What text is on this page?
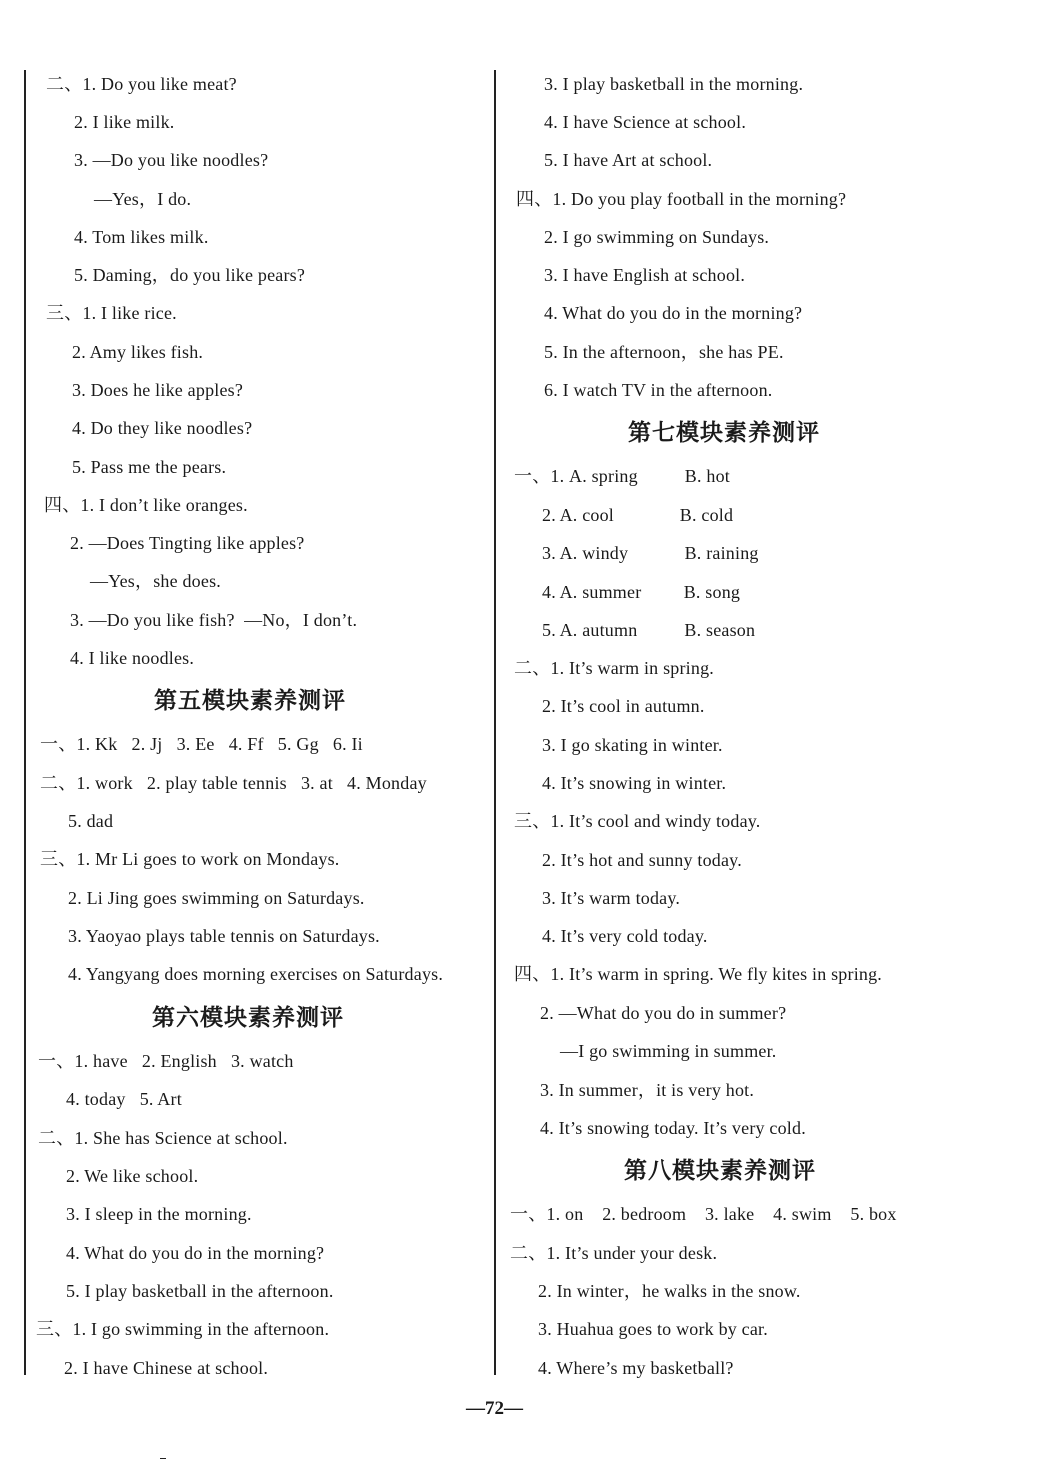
二、1. Do you like meat?
2. I like milk.
3. —Do you like noodles?
—Yes，I do.
4. Tom likes milk.
5. Daming，do you like pears?
三、1. I like rice.
2. Amy likes fish.
3. Does he like apples?
4. Do they like noodles?
5. Pass me the pears.
四、1. I don’t like oranges.
2. —Does Tingting like apples?
—Yes，she does.
3. —Do you like fish?  —No，I don’t.
4. I like noodles.
第五模块素养测评
一、1. Kk   2. Jj   3. Ee   4. Ff   5. Gg   6. Ii
二、1. work   2. play table tennis   3. at   4. Monday
5. dad
三、1. Mr Li goes to work on Mondays.
2. Li Jing goes swimming on Saturdays.
3. Yaoyao plays table tennis on Saturdays.
4. Yangyang does morning exercises on Saturdays.
第六模块素养测评
一、1. have   2. English   3. watch
4. today   5. Art
二、1. She has Science at school.
2. We like school.
3. I sleep in the morning.
4. What do you do in the morning?
5. I play basketball in the afternoon.
三、1. I go swimming in the afternoon.
2. I have Chinese at school.
3. I play basketball in the morning.
4. I have Science at school.
5. I have Art at school.
四、1. Do you play football in the morning?
2. I go swimming on Sundays.
3. I have English at school.
4. What do you do in the morning?
5. In the afternoon，she has PE.
6. I watch TV in the afternoon.
第七模块素养测评
一、1. A. spring          B. hot
2. A. cool              B. cold
3. A. windy            B. raining
4. A. summer         B. song
5. A. autumn          B. season
二、1. It’s warm in spring.
2. It’s cool in autumn.
3. I go skating in winter.
4. It’s snowing in winter.
三、1. It’s cool and windy today.
2. It’s hot and sunny today.
3. It’s warm today.
4. It’s very cold today.
四、1. It’s warm in spring. We fly kites in spring.
2. —What do you do in summer?
—I go swimming in summer.
3. In summer，it is very hot.
4. It’s snowing today. It’s very cold.
第八模块素养测评
一、1. on    2. bedroom    3. lake    4. swim    5. box
二、1. It’s under your desk.
2. In winter，he walks in the snow.
3. Huahua goes to work by car.
4. Where’s my basketball?
—72—
